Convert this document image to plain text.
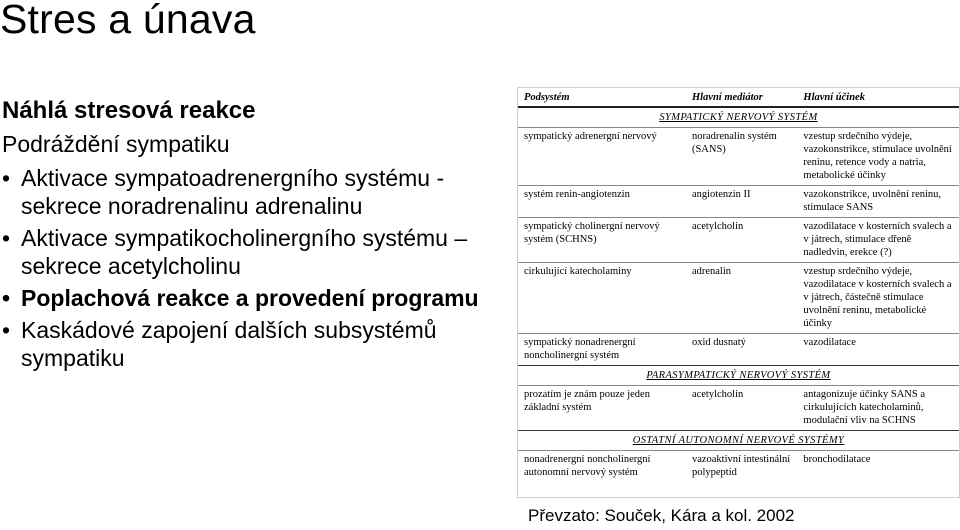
Stres a únava
Náhlá stresová reakce
Podráždění sympatiku
• Aktivace sympatoadrenergního systému - sekrece noradrenalinu adrenalinu
• Aktivace sympatikocholinergního systému – sekrece acetylcholinu
• Poplachová reakce a provedení programu
• Kaskádové zapojení dalších subsystémů sympatiku
Podsystém	Hlavní mediátor	Hlavní účinek
SYMPATICKÝ NERVOVÝ SYSTÉM		
sympatický adrenergní nervový	noradrenalin systém (SANS)	vzestup srdečního výdeje, vazokonstrikce, stimulace uvolnění reninu, retence vody a natria, metabolické účinky
systém renin-angiotenzin	angiotenzin II	vazokonstrikce, uvolnění reninu, stimulace SANS
sympatický cholinergní nervový systém (SCHNS)	acetylcholin	vazodilatace v kosterních svalech a v játrech, stimulace dřeně nadledvin, erekce (?)
cirkulující katecholaminy	adrenalin	vzestup srdečního výdeje, vazodilatace v kosterních svalech a v játrech, částečně stimulace uvolnění reninu, metabolické účinky
sympatický nonadrenergní noncholinergní systém	oxid dusnatý	vazodilatace
PARASYMPATICKÝ NERVOVÝ SYSTÉM		
prozatím je znám pouze jeden základní systém	acetylcholin	antagonizuje účinky SANS a cirkulujících katecholaminů, modulační vliv na SCHNS
OSTATNÍ AUTONOMNÍ NERVOVÉ SYSTÉMY		
nonadrenergní noncholinergní autonomní nervový systém	vazoaktivní intestinální polypeptid	bronchodilatace
Převzato: Souček, Kára a kol. 2002
